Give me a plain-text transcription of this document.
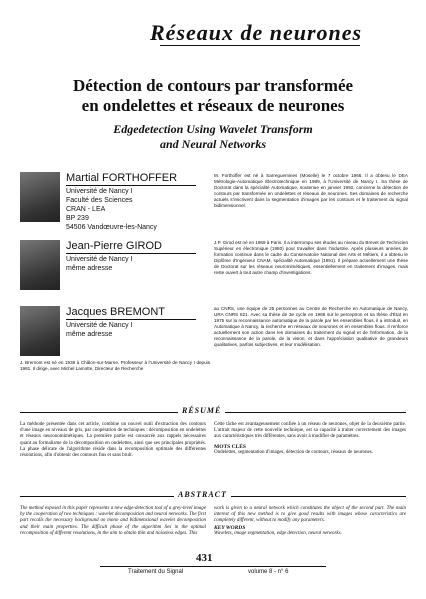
Réseaux de neurones
Détection de contours par transformée
en ondelettes et réseaux de neurones
Edgedetection Using Wavelet Transform
and Neural Networks
Martial FORTHOFFER
Université de Nancy I
Faculté des Sciences
CRAN - LEA
BP 239
54506 Vandœuvre-les-Nancy
M. Forthoffer est né à Sarreguemines (Moselle) le 7 octobre 1966. Il a obtenu le DEA Métrologie-Automatique Électrotechnique en 1989, à l'Université de Nancy I. Sa thèse de Doctorat dans la spécialité Automatique, soutenue en janvier 1992, concerne la détection de contours par transformée en ondelettes et réseaux de neurones. Ses domaines de recherche actuels s'inscrivent dans la segmentation d'images par les contours et le traitement du signal bidimensionnel.
Jean-Pierre GIROD
Université de Nancy I
même adresse
J.P. Girod est né en 1959 à Paris. Il a interrompu ses études au niveau du Brevet de Technicien Supérieur en électronique (1980) pour travailler dans l'industrie. Après plusieurs années de formation continue dans le cadre du Conservatoire National des Arts et Métiers, il a obtenu le Diplôme d'Ingénieur CNAM, spécialité Automatique (1991). Il prépare actuellement une thèse de Doctorat sur les réseaux neuromimétiques, essentiellement en traitement d'images, mais reste ouvert à tout autre champ d'investigations.
Jacques BREMONT
Université de Nancy I
même adresse
J. Bremont est né en 1938 à Châlon-sur-Marne. Professeur à l'Université de Nancy I depuis 1981. Il dirige, avec Michel Lamotte, Directeur de Recherche
au CNRS, une équipe de 25 personnes au Centre de Recherche en Automatique de Nancy, URA CNRS 821. Avec sa thèse de 3e cycle en 1968 sur le perceptron et sa thèse d'État en 1975 sur la reconnaissance automatique de la parole par les ensembles flous, il a introduit, en Automatique à Nancy, la recherche en réseaux de neurones et en ensembles flous. Il renforce actuellement son action dans les domaines du traitement du signal et de l'information, de la reconnaissance de la parole, de la vision, et dans l'appréciation qualitative de grandeurs qualitatives, parfois subjectives, et leur modélisation.
RÉSUMÉ
La méthode présentée dans cet article, combine un nouvel outil d'extraction des contours d'une image en niveaux de gris, par coopération de techniques : décomposition en ondelettes et réseaux neuronomimétiques. La première partie est consacrée aux rappels nécessaires quant au formalisme de la décomposition en ondelettes, ainsi que ses principales propriétés. La phase délicate de l'algorithme réside dans la recomposition optimale des différentes résolutions, afin d'obtenir des contours fins et sans bruit.
Cette tâche est avantageusement confiée à un réseau de neurones, objet de la deuxième partie. L'attrait majeur de cette nouvelle technique, est sa capacité à traiter correctement des images aux caractéristiques très différentes, sans avoir à modifier de paramètres.
MOTS CLÉS
Ondelettes, segmentation d'images, détection de contours, réseaux de neurones.
ABSTRACT
The method exposed in this paper represents a new edge-detection tool of a grey-level image by the cooperation of two techniques : wavelet decomposition and neural networks. The first part recalls the necessary background on mono and bidimensional wavelet decomposition and their main properties. The difficult phase of the algorithm lies in the optimal recomposition of different resolutions, in the aim to obtain thin and noiseless edges. This
work is given to a neural network which constitutes the object of the second part. The main interest of this new method is to give good results with images whose caracteristics are completely different, without to modify any parameters.
KEY WORDS
Wavelets, image segmentation, edge detection, neural networks.
431
Traitement du Signal	volume 8 - n° 6
